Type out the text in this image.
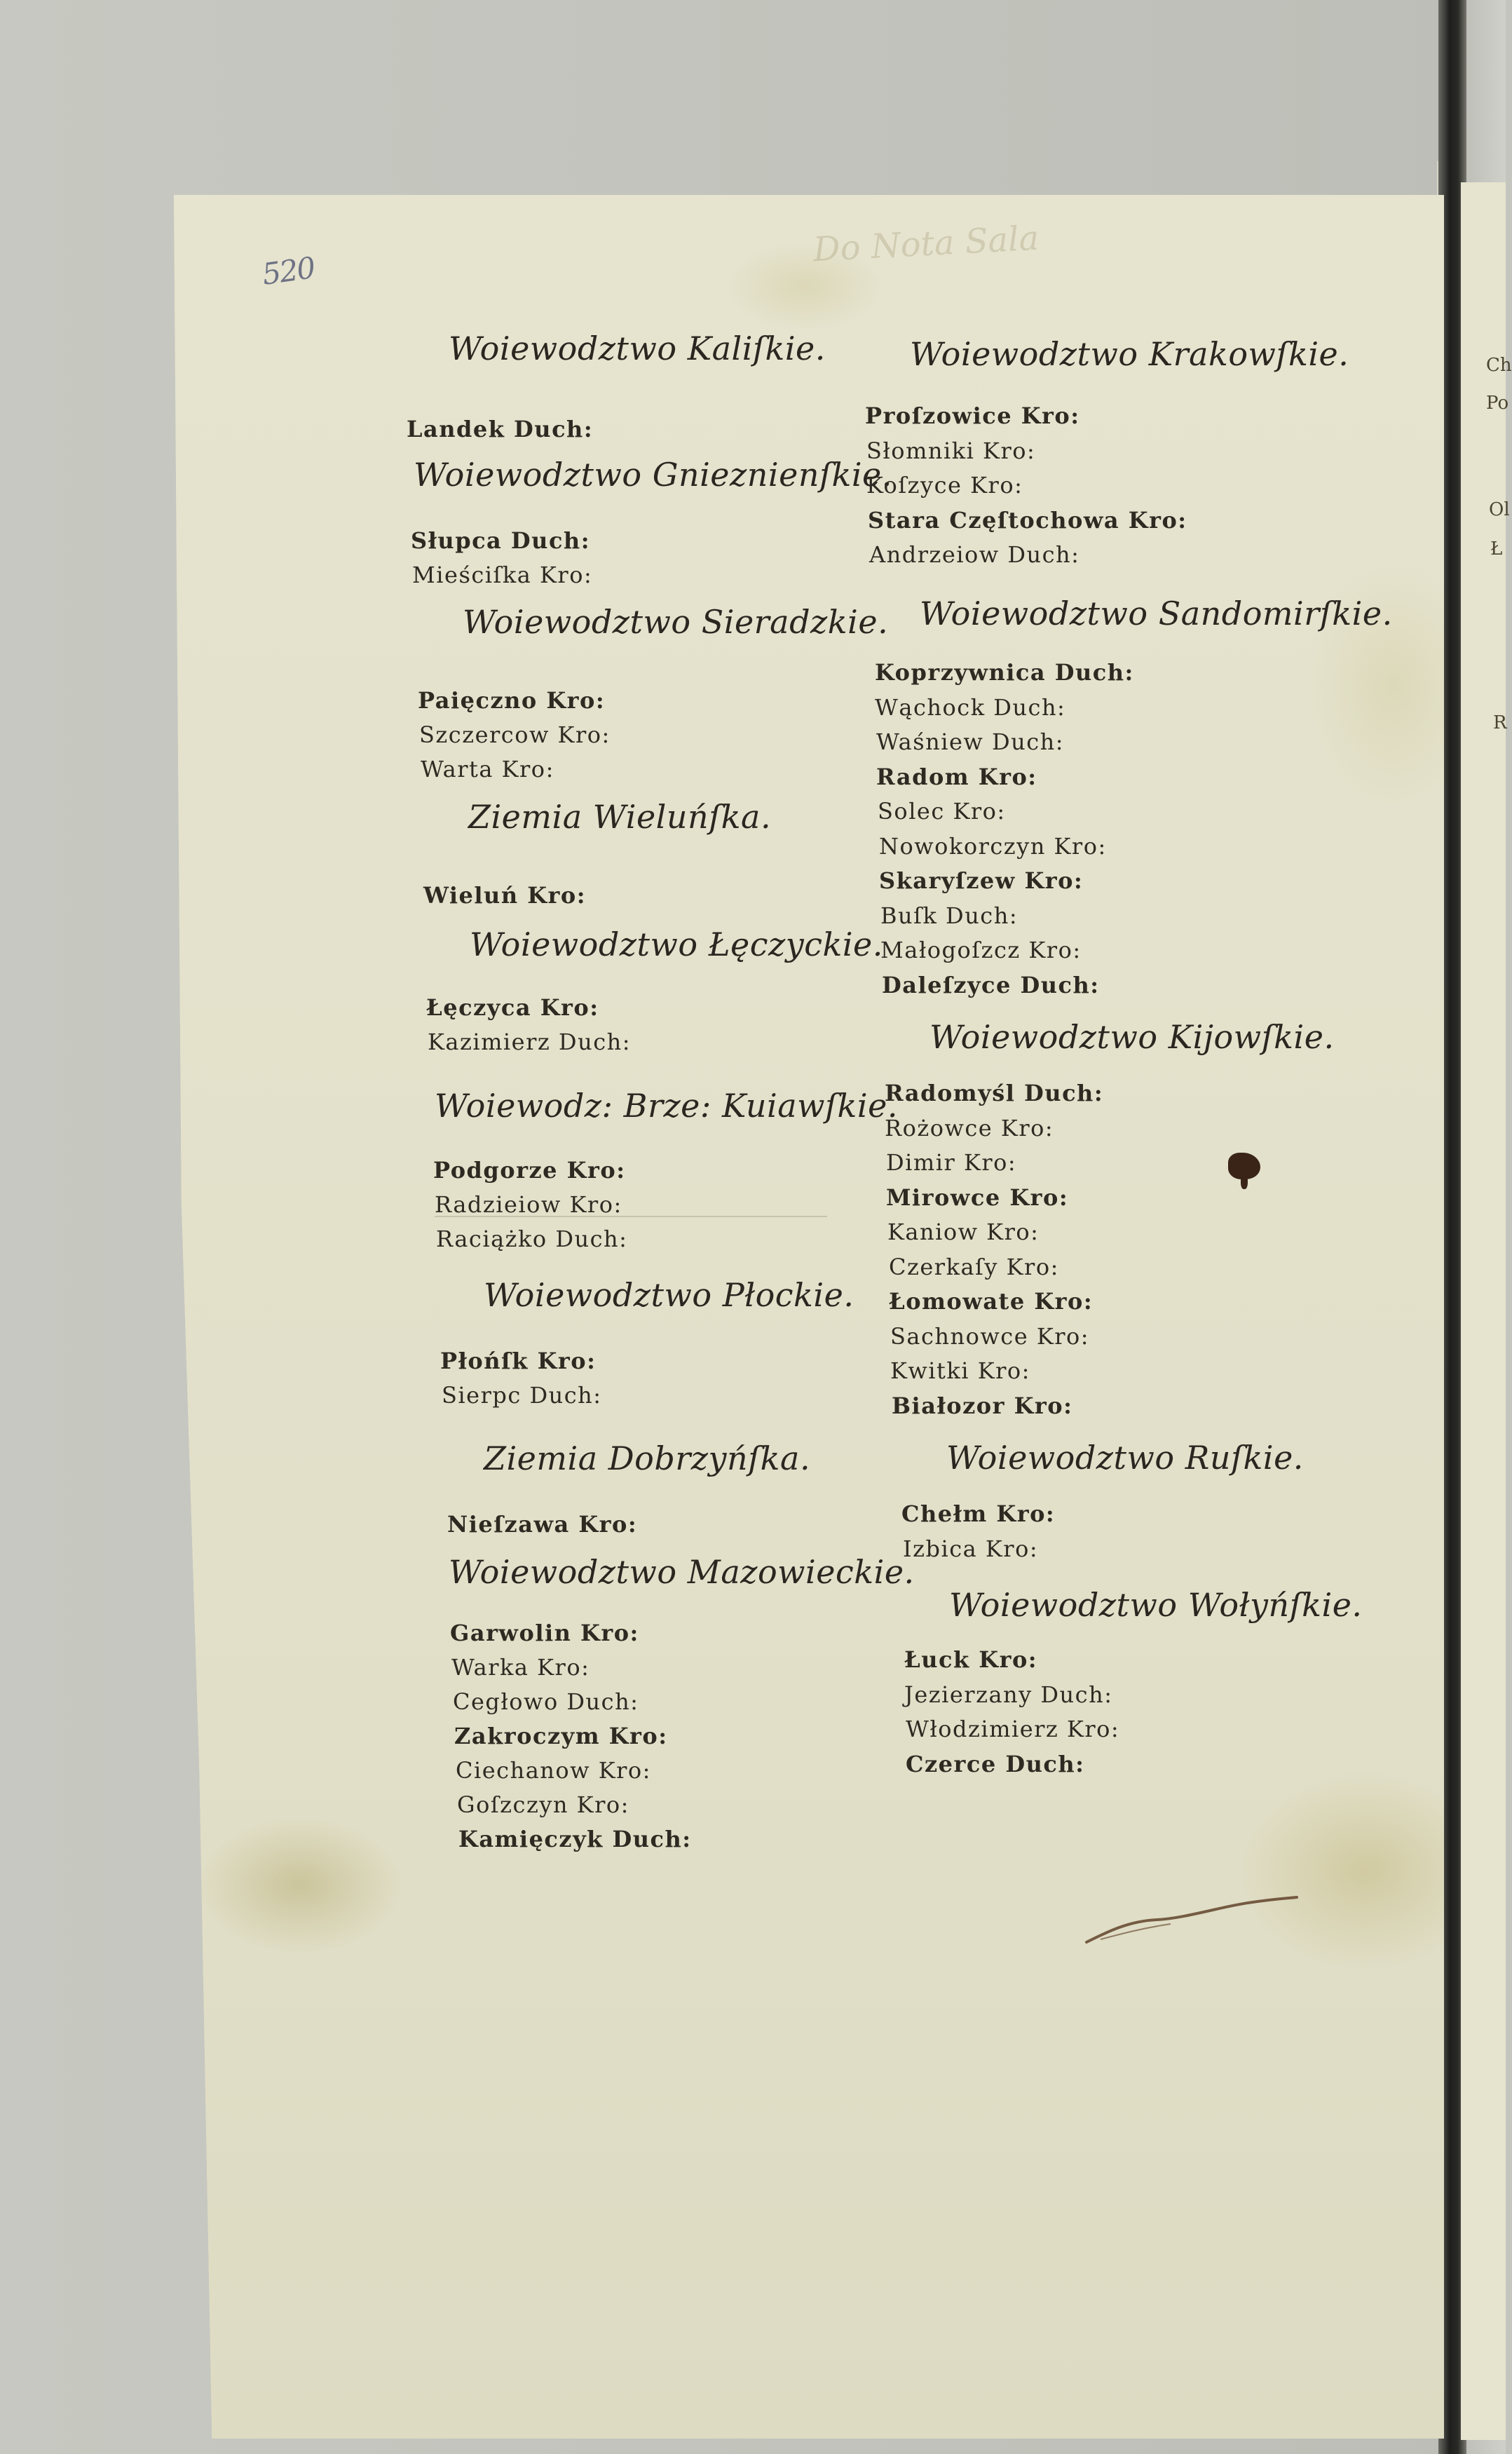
Do Nota Sala
520
Woiewodztwo Kaliſkie.
Landek Duch:
Woiewodztwo Gnieznienſkie.
Słupca Duch:
Mieściſka Kro:
Woiewodztwo Sieradzkie.
Paięczno Kro:
Szczercow Kro:
Warta Kro:
Ziemia Wieluńſka.
Wieluń Kro:
Woiewodztwo Łęczyckie.
Łęczyca Kro:
Kazimierz Duch:
Woiewodz: Brze: Kuiawſkie.
Podgorze Kro:
Radzieiow Kro:
Raciążko Duch:
Woiewodztwo Płockie.
Płońſk Kro:
Sierpc Duch:
Ziemia Dobrzyńſka.
Nieſzawa Kro:
Woiewodztwo Mazowieckie.
Garwolin Kro:
Warka Kro:
Cegłowo Duch:
Zakroczym Kro:
Ciechanow Kro:
Goſzczyn Kro:
Kamięczyk Duch:
Woiewodztwo Krakowſkie.
Proſzowice Kro:
Słomniki Kro:
Koſzyce Kro:
Stara Częſtochowa Kro:
Andrzeiow Duch:
Woiewodztwo Sandomirſkie.
Koprzywnica Duch:
Wąchock Duch:
Waśniew Duch:
Radom Kro:
Solec Kro:
Nowokorczyn Kro:
Skaryſzew Kro:
Buſk Duch:
Małogoſzcz Kro:
Daleſzyce Duch:
Woiewodztwo Kijowſkie.
Radomyśl Duch:
Rożowce Kro:
Dimir Kro:
Mirowce Kro:
Kaniow Kro:
Czerkaſy Kro:
Łomowate Kro:
Sachnowce Kro:
Kwitki Kro:
Białozor Kro:
Woiewodztwo Ruſkie.
Chełm Kro:
Izbica Kro:
Woiewodztwo Wołyńſkie.
Łuck Kro:
Jezierzany Duch:
Włodzimierz Kro:
Czerce Duch:
Ch
Po
Ol
Ł
R
